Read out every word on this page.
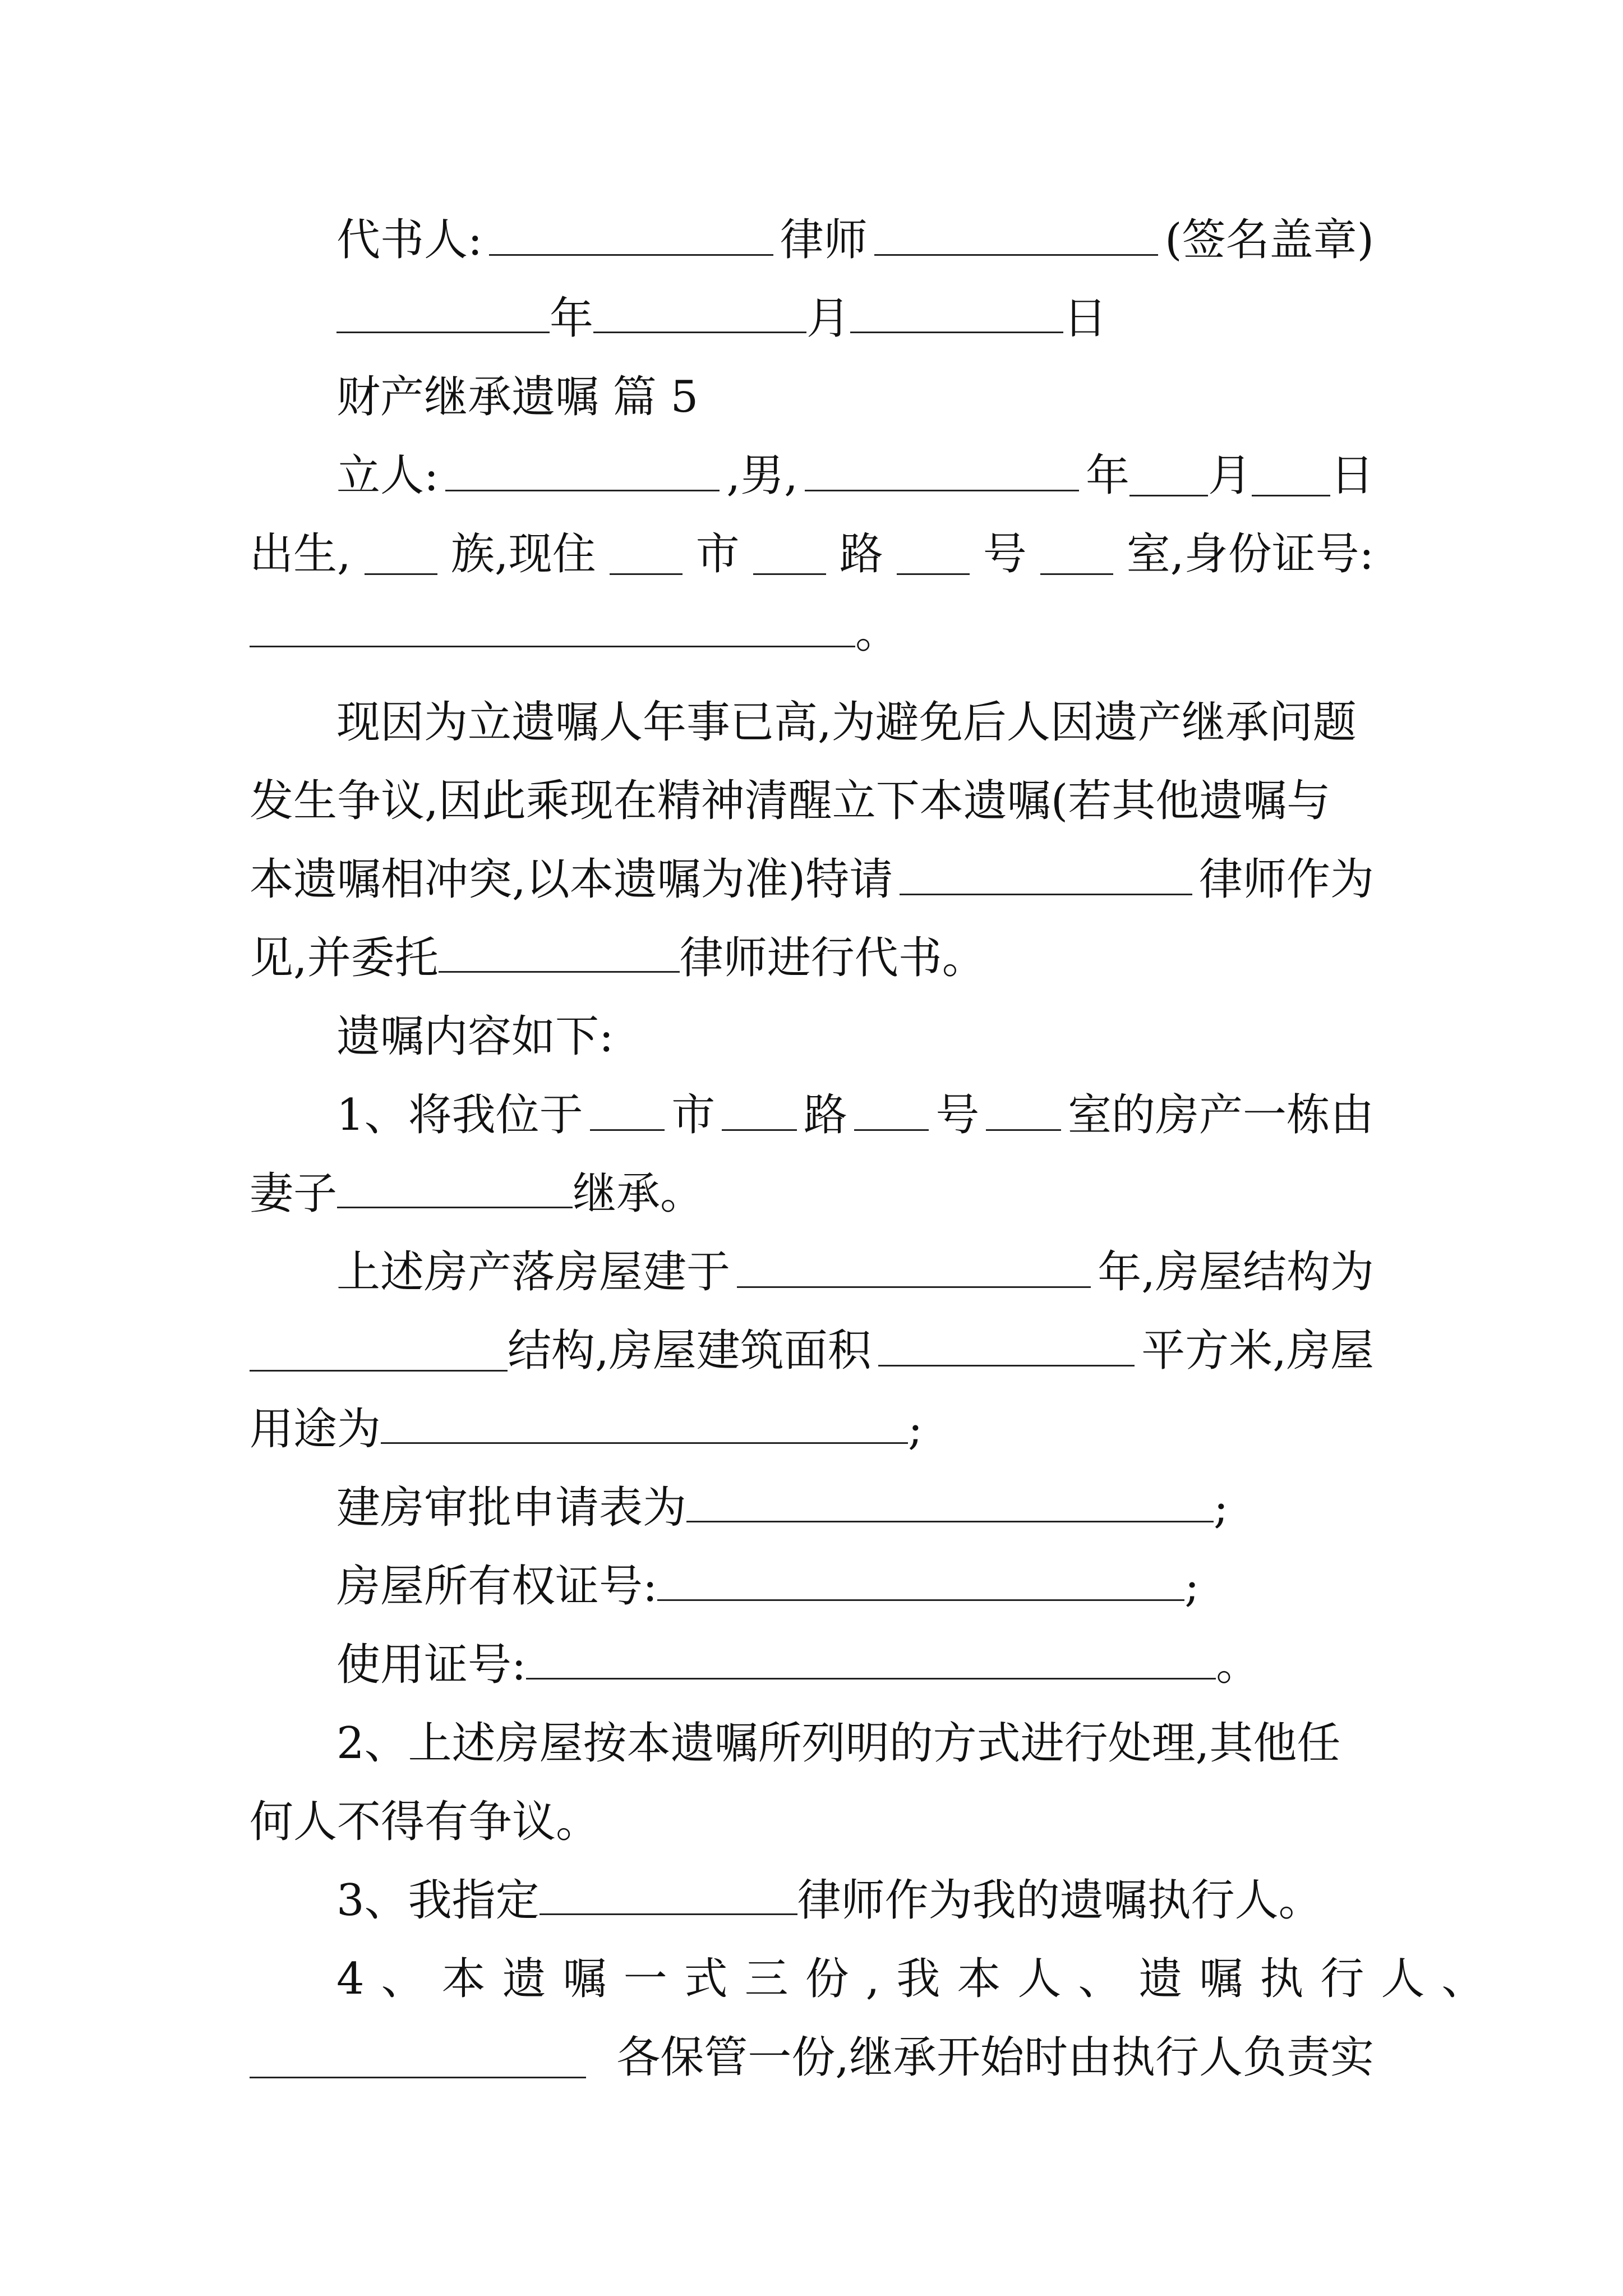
代书人:	律师	(签名盖章)
年	月	日
财产继承遗嘱 篇 5
立人:	,男,	年 月 日
出生, 族,现住 市 路 号 室,身份证号:
。
现因为立遗嘱人年事已高,为避免后人因遗产继承问题
发生争议,因此乘现在精神清醒立下本遗嘱(若其他遗嘱与
本遗嘱相冲突,以本遗嘱为准)特请	律师作为
见,并委托	律师进行代书。
遗嘱内容如下:
1、将我位于 市 路 号 室的房产一栋由
妻子	继承。
上述房产落房屋建于	年,房屋结构为
结构,房屋建筑面积	平方米,房屋
用途为	;
建房审批申请表为	;
房屋所有权证号:	;
使用证号:	。
2、上述房屋按本遗嘱所列明的方式进行处理,其他任
何人不得有争议。
3、我指定	律师作为我的遗嘱执行人。
4、本遗嘱一式三份,我本人、遗嘱执行人、
各保管一份,继承开始时由执行人负责实
